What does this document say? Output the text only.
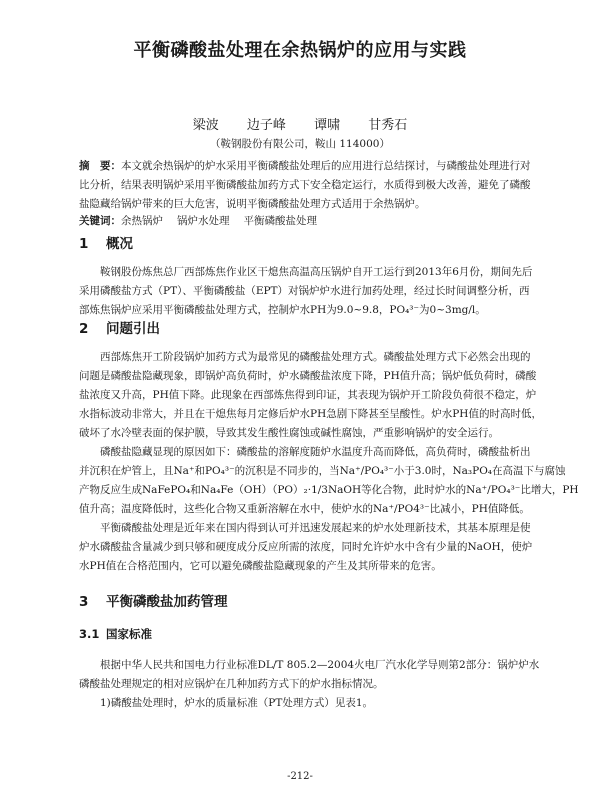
平衡磷酸盐处理在余热锅炉的应用与实践
梁波 边子峰 谭啸 甘秀石
（鞍钢股份有限公司，鞍山 114000）
摘　要：本文就余热锅炉的炉水采用平衡磷酸盐处理后的应用进行总结探讨，与磷酸盐处理进行对
比分析，结果表明锅炉采用平衡磷酸盐加药方式下安全稳定运行，水质得到极大改善，避免了磷酸
盐隐藏给锅炉带来的巨大危害，说明平衡磷酸盐处理方式适用于余热锅炉。
关键词：余热锅炉 锅炉水处理 平衡磷酸盐处理
1 概况
鞍钢股份炼焦总厂西部炼焦作业区干熄焦高温高压锅炉自开工运行到2013年6月份，期间先后
采用磷酸盐方式（PT）、平衡磷酸盐（EPT）对锅炉炉水进行加药处理，经过长时间调整分析，西
部炼焦锅炉应采用平衡磷酸盐处理方式，控制炉水PH为9.0~9.8，PO₄³⁻为0~3mg/l。
2 问题引出
西部炼焦开工阶段锅炉加药方式为最常见的磷酸盐处理方式。磷酸盐处理方式下必然会出现的
问题是磷酸盐隐藏现象，即锅炉高负荷时，炉水磷酸盐浓度下降，PH值升高；锅炉低负荷时，磷酸
盐浓度又升高，PH值下降。此现象在西部炼焦得到印证，其表现为锅炉开工阶段负荷很不稳定，炉
水指标波动非常大，并且在干熄焦每月定修后炉水PH急剧下降甚至呈酸性。炉水PH值的时高时低，
破坏了水冷壁表面的保护膜，导致其发生酸性腐蚀或碱性腐蚀，严重影响锅炉的安全运行。
磷酸盐隐藏显现的原因如下：磷酸盐的溶解度随炉水温度升高而降低，高负荷时，磷酸盐析出
并沉积在炉管上，且Na⁺和PO₄³⁻的沉积是不同步的，当Na⁺/PO₄³⁻小于3.0时，Na₃PO₄在高温下与腐蚀
产物反应生成NaFePO₄和Na₄Fe（OH）（PO）₂·1/3NaOH等化合物，此时炉水的Na⁺/PO₄³⁻比增大，PH
值升高；温度降低时，这些化合物又重新溶解在水中，使炉水的Na⁺/PO4³⁻比减小，PH值降低。
平衡磷酸盐处理是近年来在国内得到认可并迅速发展起来的炉水处理新技术，其基本原理是使
炉水磷酸盐含量减少到只够和硬度成分反应所需的浓度，同时允许炉水中含有少量的NaOH，使炉
水PH值在合格范围内，它可以避免磷酸盐隐藏现象的产生及其所带来的危害。
3 平衡磷酸盐加药管理
3.1 国家标准
根据中华人民共和国电力行业标准DL/T 805.2—2004火电厂汽水化学导则第2部分：锅炉炉水
磷酸盐处理规定的相对应锅炉在几种加药方式下的炉水指标情况。
1)磷酸盐处理时，炉水的质量标准（PT处理方式）见表1。
-212-
